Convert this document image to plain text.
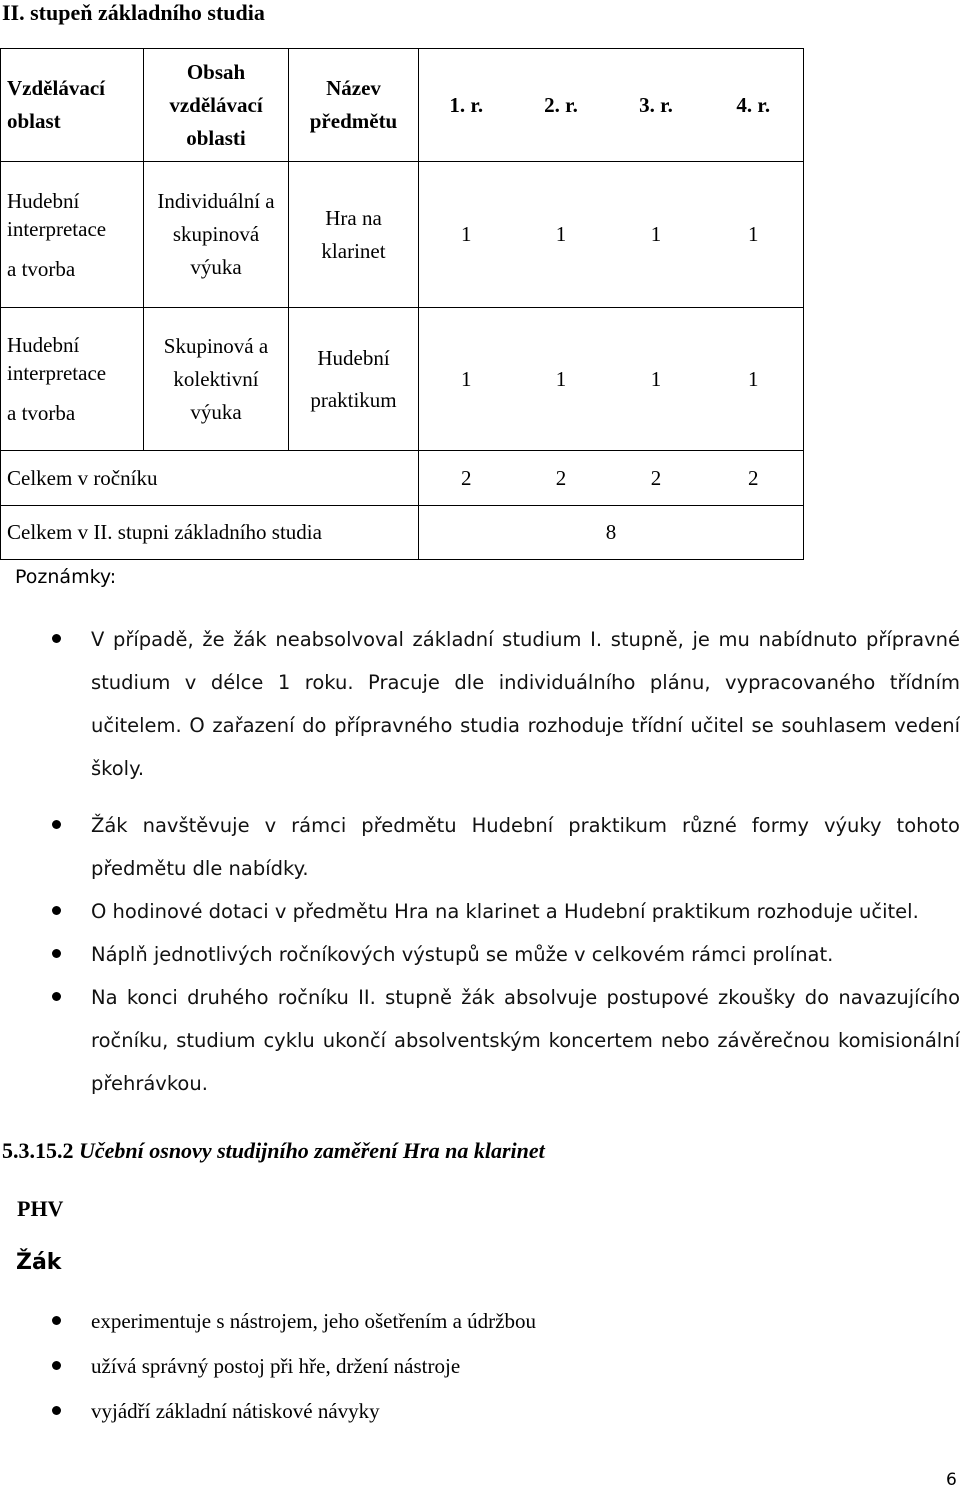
II. stupeň základního studia
Vzdělávací oblast	Obsah vzdělávací oblasti	Název předmětu	1. r.	2. r.	3. r.	4. r.

Hudební
interpretace
a tvorba	Individuální a skupinová výuka	Hra na klarinet	1	1	1	1

Hudební
interpretace
a tvorba	Skupinová a kolektivní výuka	Hudební
praktikum	1	1	1	1
Celkem v ročníku			2	2	2	2
Celkem v II. stupni základního studia			8			
Poznámky:
V případě, že žák neabsolvoval základní studium I. stupně, je mu nabídnuto přípravné studium v délce 1 roku. Pracuje dle individuálního plánu, vypracovaného třídním učitelem. O zařazení do přípravného studia rozhoduje třídní učitel se souhlasem vedení školy.
Žák navštěvuje v rámci předmětu Hudební praktikum různé formy výuky tohoto předmětu dle nabídky.
O hodinové dotaci v předmětu Hra na klarinet a Hudební praktikum rozhoduje učitel.
Náplň jednotlivých ročníkových výstupů se může v celkovém rámci prolínat.
Na konci druhého ročníku II. stupně žák absolvuje postupové zkoušky do navazujícího ročníku, studium cyklu ukončí absolventským koncertem nebo závěrečnou komisionální přehrávkou.
5.3.15.2 Učební osnovy studijního zaměření Hra na klarinet
PHV
Žák
experimentuje s nástrojem, jeho ošetřením a údržbou
užívá správný postoj při hře, držení nástroje
vyjádří základní nátiskové návyky
6
